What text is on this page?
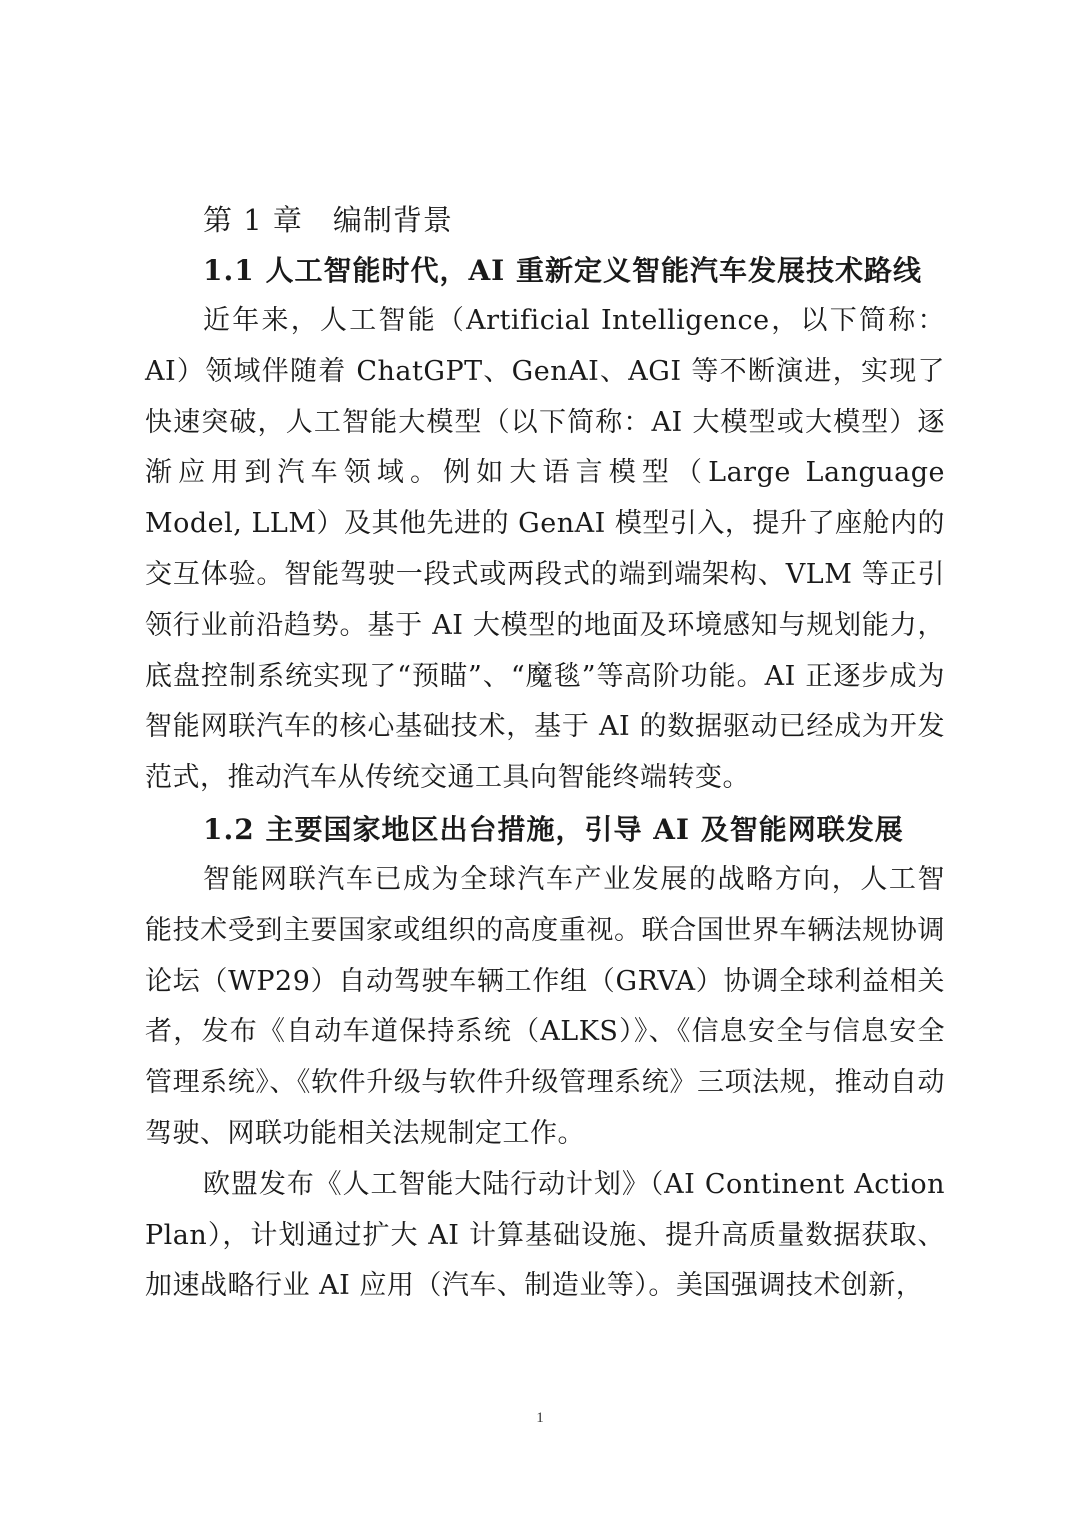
第 1 章　编制背景
1.1 人工智能时代，AI 重新定义智能汽车发展技术路线

近年来，人工智能（Artificial Intelligence，以下简称：AI）领域伴随着 ChatGPT、GenAI、AGI 等不断演进，实现了快速突破，人工智能大模型（以下简称：AI 大模型或大模型）逐渐应用到汽车领域。例如大语言模型（Large Language Model, LLM）及其他先进的 GenAI 模型引入，提升了座舱内的交互体验。智能驾驶一段式或两段式的端到端架构、VLM 等正引领行业前沿趋势。基于 AI 大模型的地面及环境感知与规划能力，底盘控制系统实现了“预瞄”、“魔毯”等高阶功能。AI 正逐步成为智能网联汽车的核心基础技术，基于 AI 的数据驱动已经成为开发范式，推动汽车从传统交通工具向智能终端转变。

1.2 主要国家地区出台措施，引导 AI 及智能网联发展

智能网联汽车已成为全球汽车产业发展的战略方向，人工智能技术受到主要国家或组织的高度重视。联合国世界车辆法规协调论坛（WP29）自动驾驶车辆工作组（GRVA）协调全球利益相关者，发布《自动车道保持系统（ALKS）》、《信息安全与信息安全管理系统》、《软件升级与软件升级管理系统》三项法规，推动自动驾驶、网联功能相关法规制定工作。

欧盟发布《人工智能大陆行动计划》（AI Continent Action Plan），计划通过扩大 AI 计算基础设施、提升高质量数据获取、加速战略行业 AI 应用（汽车、制造业等）。美国强调技术创新，

1
